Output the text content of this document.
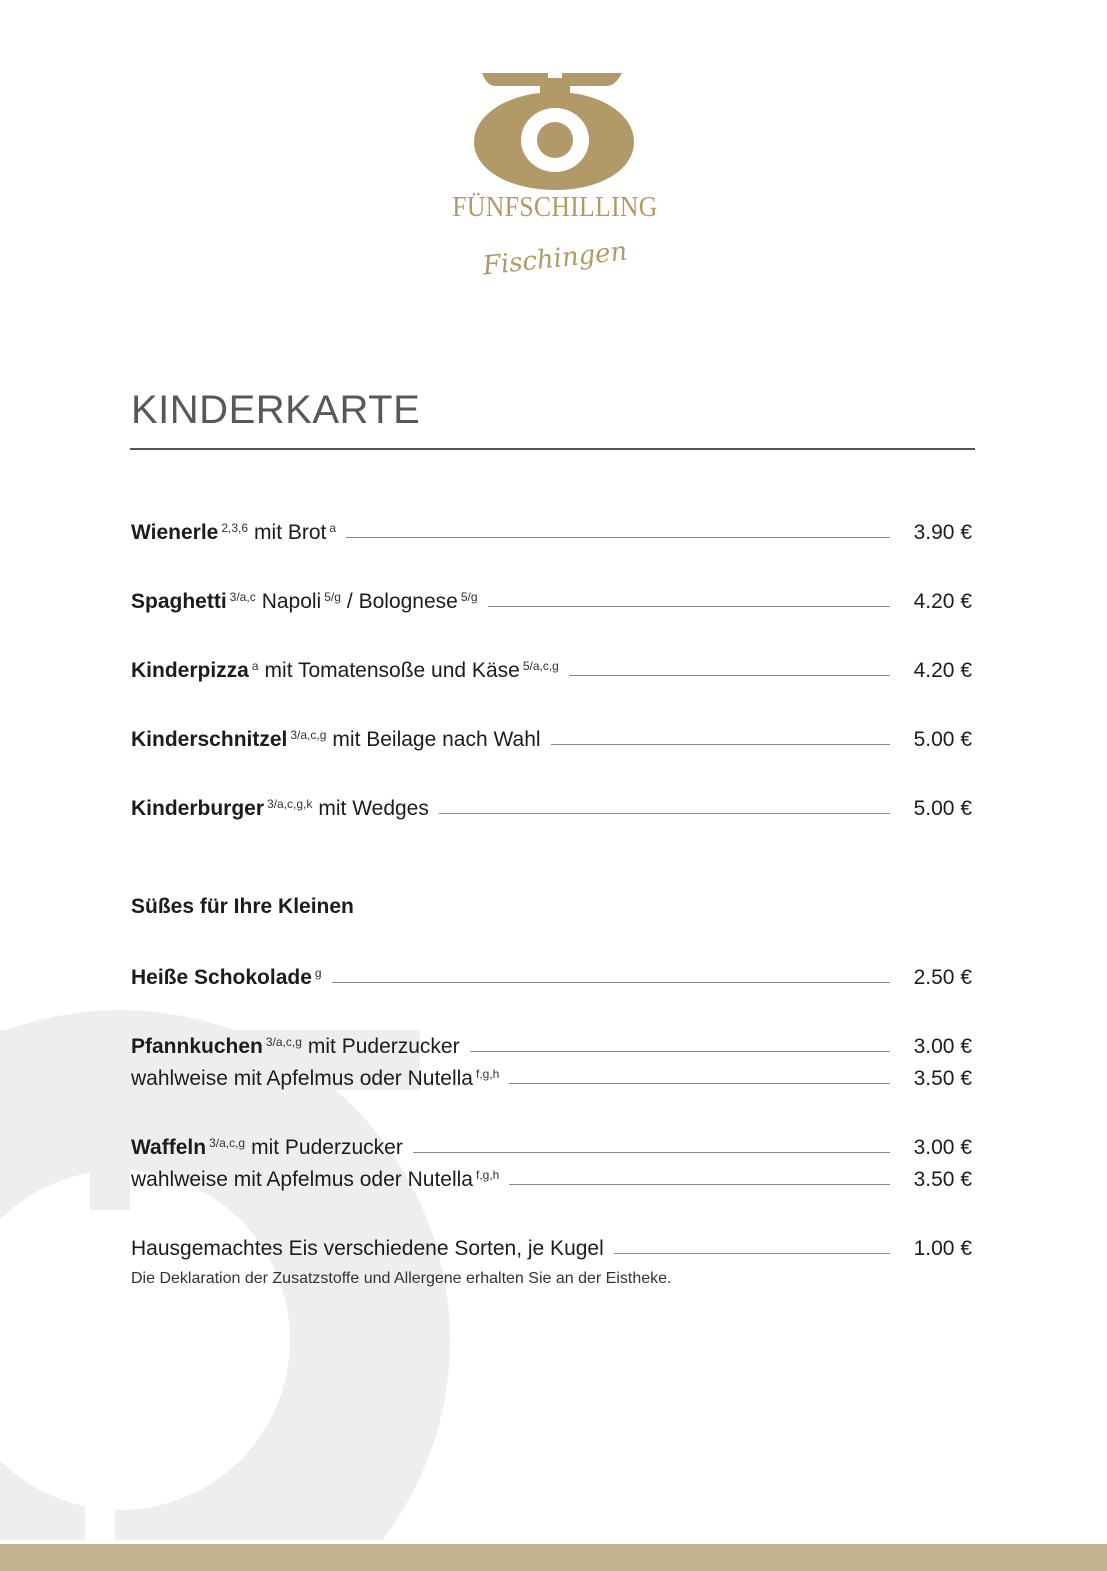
FÜNFSCHILLING
Fischingen
KINDERKARTE
Wienerle 2,3,6 mit Brot a	3.90 €
Spaghetti 3/a,c Napoli 5/g / Bolognese 5/g	4.20 €
Kinderpizza a mit Tomatensoße und Käse 5/a,c,g	4.20 €
Kinderschnitzel 3/a,c,g mit Beilage nach Wahl	5.00 €
Kinderburger 3/a,c,g,k mit Wedges	5.00 €
Süßes für Ihre Kleinen
Heiße Schokolade g	2.50 €
Pfannkuchen 3/a,c,g mit Puderzucker	3.00 €
wahlweise mit Apfelmus oder Nutella f,g,h	3.50 €
Waffeln 3/a,c,g mit Puderzucker	3.00 €
wahlweise mit Apfelmus oder Nutella f,g,h	3.50 €
Hausgemachtes Eis verschiedene Sorten, je Kugel	1.00 €
Die Deklaration der Zusatzstoffe und Allergene erhalten Sie an der Eistheke.
